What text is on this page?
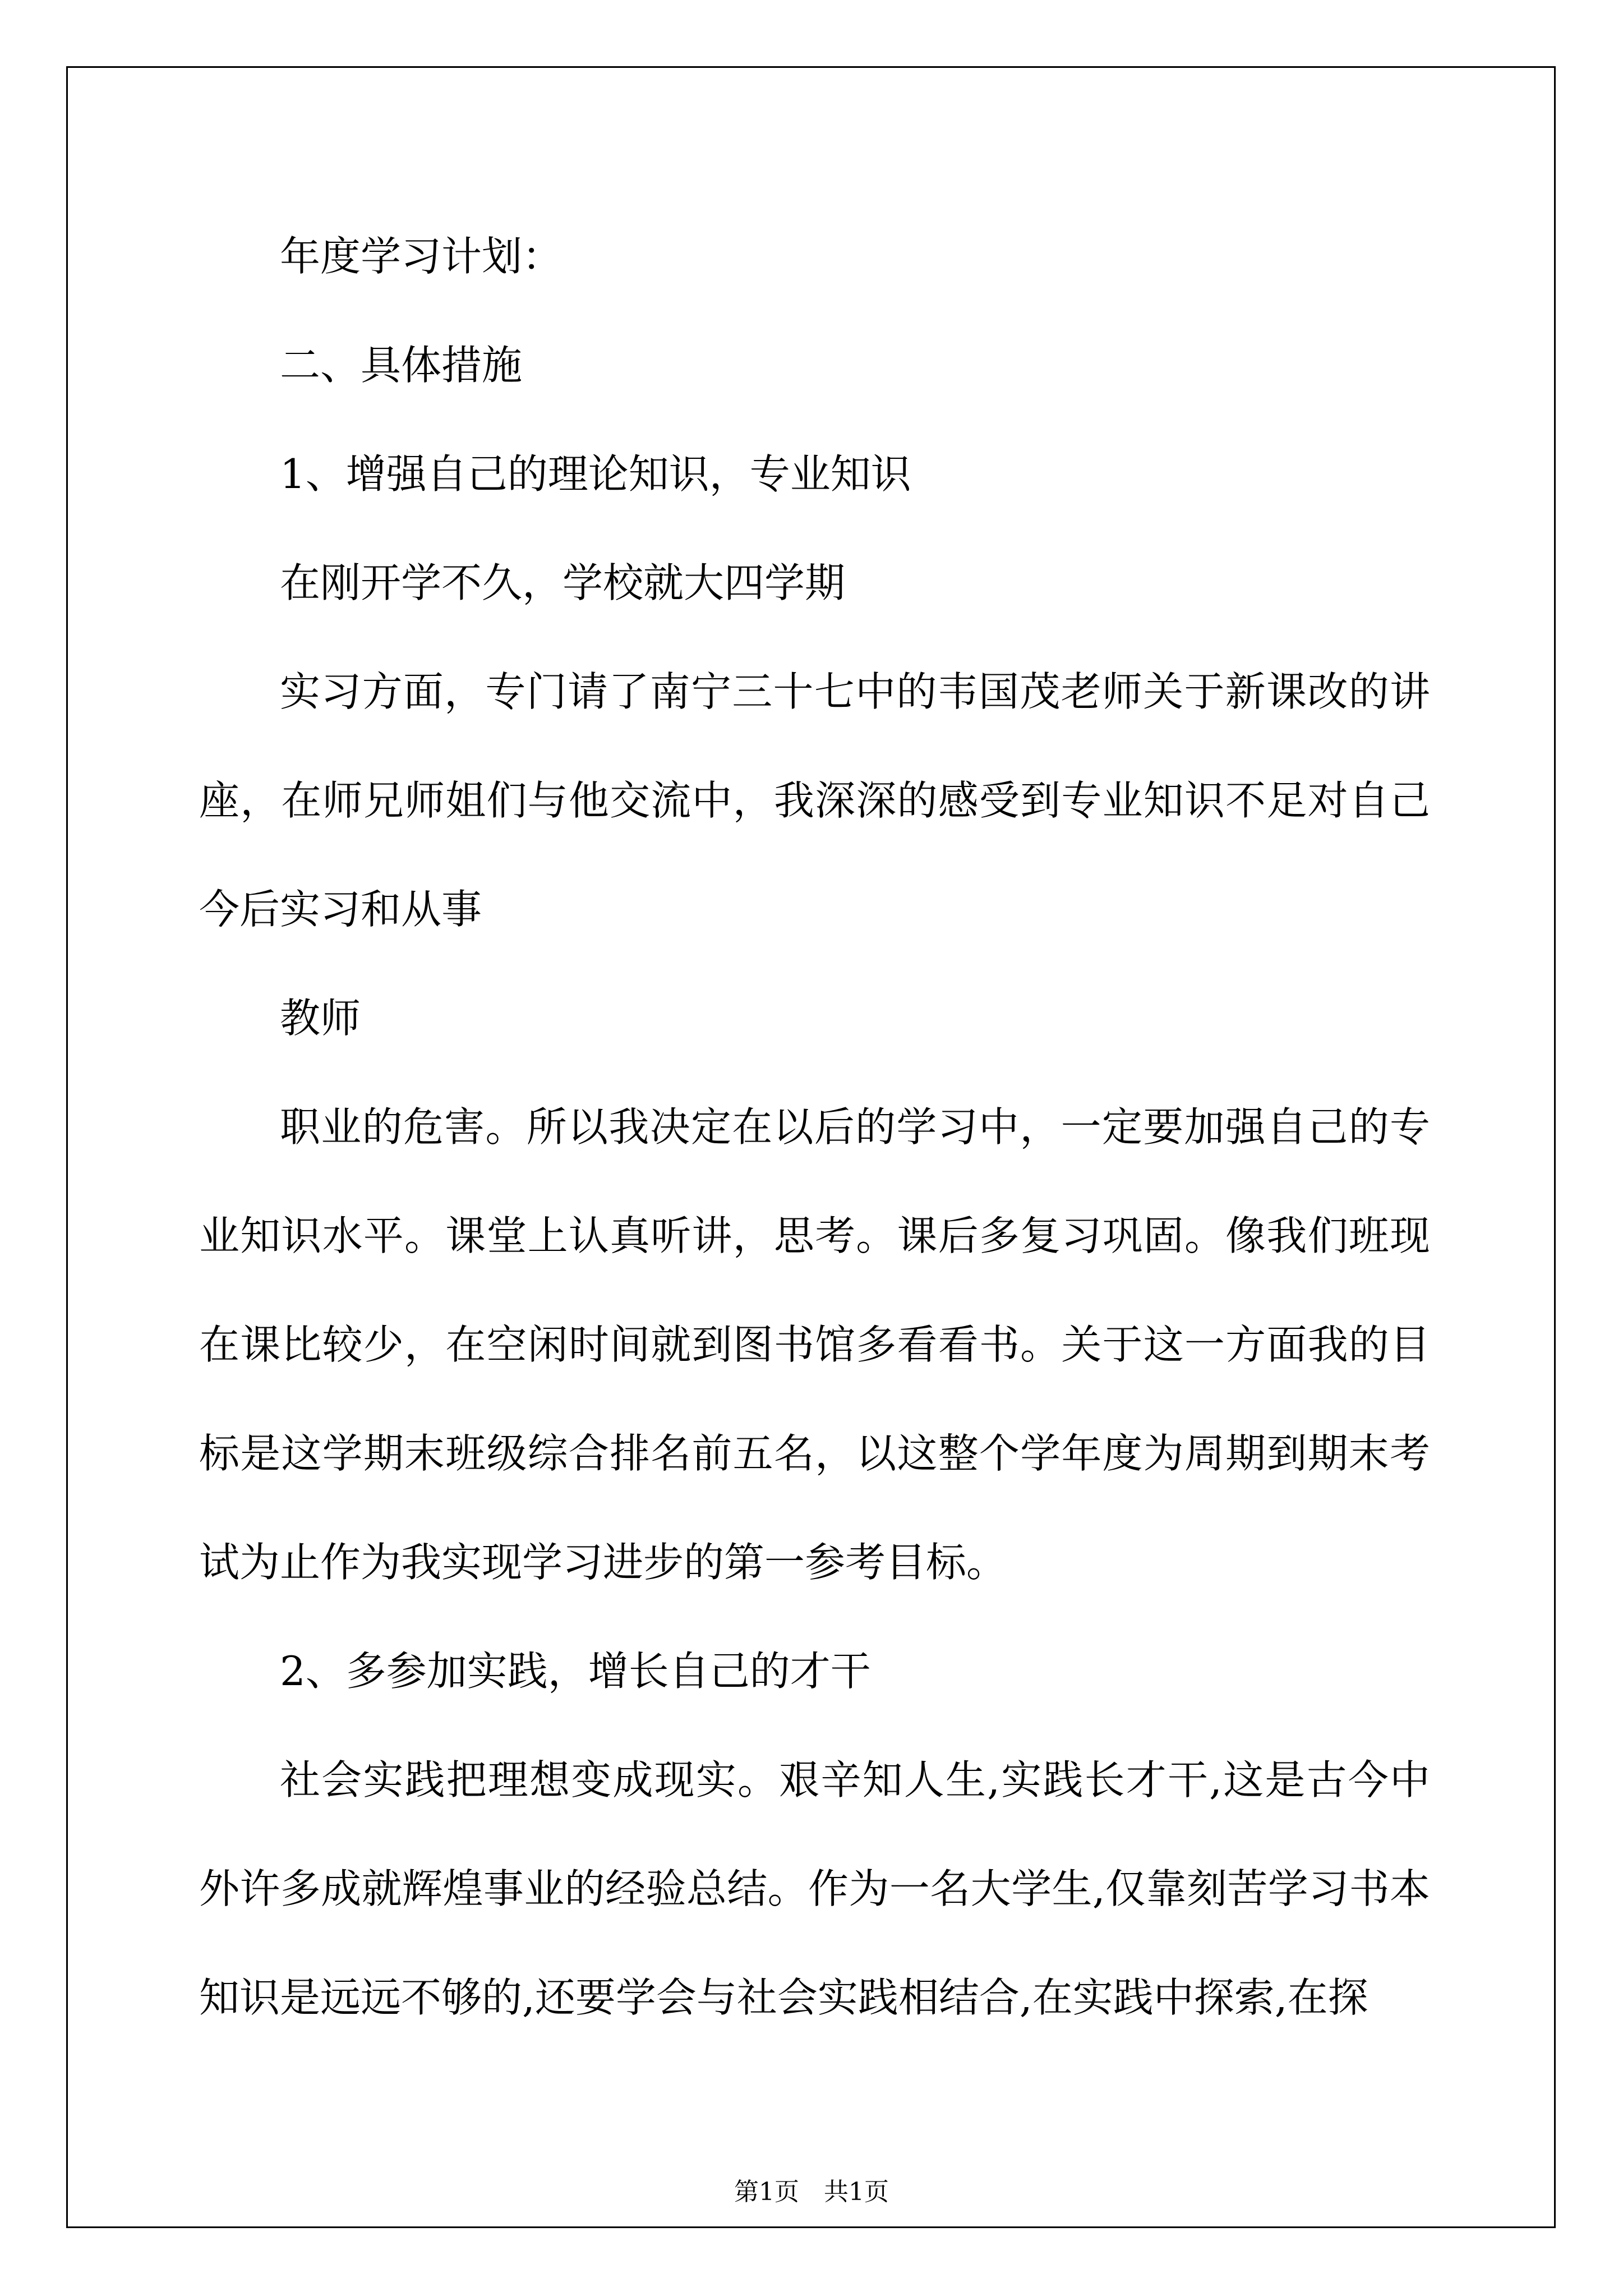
年度学习计划：

二、具体措施

1、增强自己的理论知识，专业知识

在刚开学不久，学校就大四学期

实习方面，专门请了南宁三十七中的韦国茂老师关于新课改的讲座，在师兄师姐们与他交流中，我深深的感受到专业知识不足对自己今后实习和从事

教师

职业的危害。所以我决定在以后的学习中，一定要加强自己的专业知识水平。课堂上认真听讲，思考。课后多复习巩固。像我们班现在课比较少，在空闲时间就到图书馆多看看书。关于这一方面我的目标是这学期末班级综合排名前五名，以这整个学年度为周期到期末考试为止作为我实现学习进步的第一参考目标。

2、多参加实践，增长自己的才干

社会实践把理想变成现实。艰辛知人生,实践长才干,这是古今中外许多成就辉煌事业的经验总结。作为一名大学生,仅靠刻苦学习书本知识是远远不够的,还要学会与社会实践相结合,在实践中探索,在探

第1页　共1页
